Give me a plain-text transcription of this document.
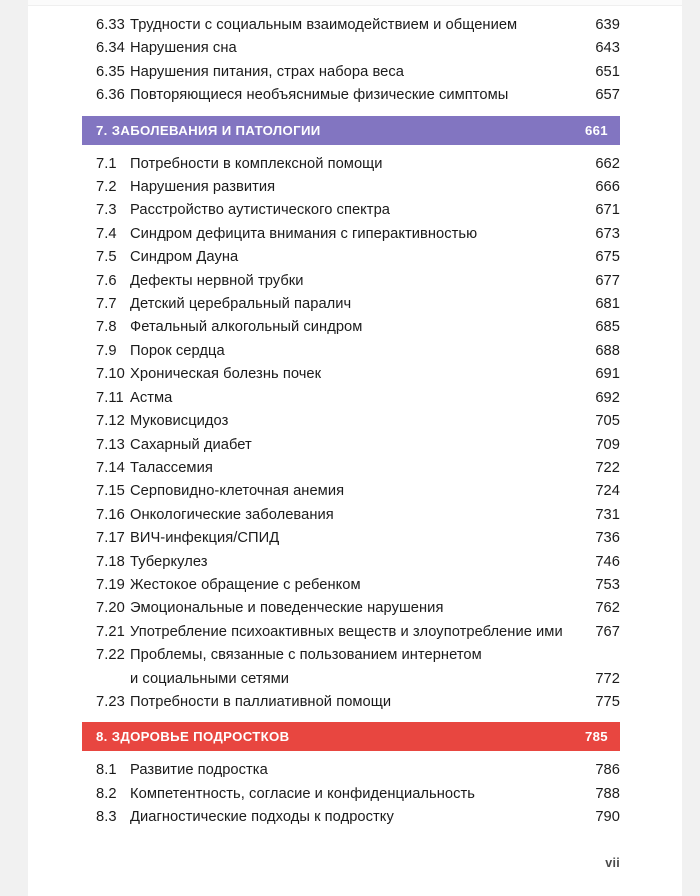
6.33 Трудности с социальным взаимодействием и общением	639
6.34 Нарушения сна	643
6.35 Нарушения питания, страх набора веса	651
6.36 Повторяющиеся необъяснимые физические симптомы	657
7. ЗАБОЛЕВАНИЯ И ПАТОЛОГИИ	661
7.1 Потребности в комплексной помощи	662
7.2 Нарушения развития	666
7.3 Расстройство аутистического спектра	671
7.4 Синдром дефицита внимания с гиперактивностью	673
7.5 Синдром Дауна	675
7.6 Дефекты нервной трубки	677
7.7 Детский церебральный паралич	681
7.8 Фетальный алкогольный синдром	685
7.9 Порок сердца	688
7.10 Хроническая болезнь почек	691
7.11 Астма	692
7.12 Муковисцидоз	705
7.13 Сахарный диабет	709
7.14 Талассемия	722
7.15 Серповидно-клеточная анемия	724
7.16 Онкологические заболевания	731
7.17 ВИЧ-инфекция/СПИД	736
7.18 Туберкулез	746
7.19 Жестокое обращение с ребенком	753
7.20 Эмоциональные и поведенческие нарушения	762
7.21 Употребление психоактивных веществ и злоупотребление ими	767
7.22 Проблемы, связанные с пользованием интернетом
и социальными сетями	772
7.23 Потребности в паллиативной помощи	775
8. ЗДОРОВЬЕ ПОДРОСТКОВ	785
8.1 Развитие подростка	786
8.2 Компетентность, согласие и конфиденциальность	788
8.3 Диагностические подходы к подростку	790
vii
